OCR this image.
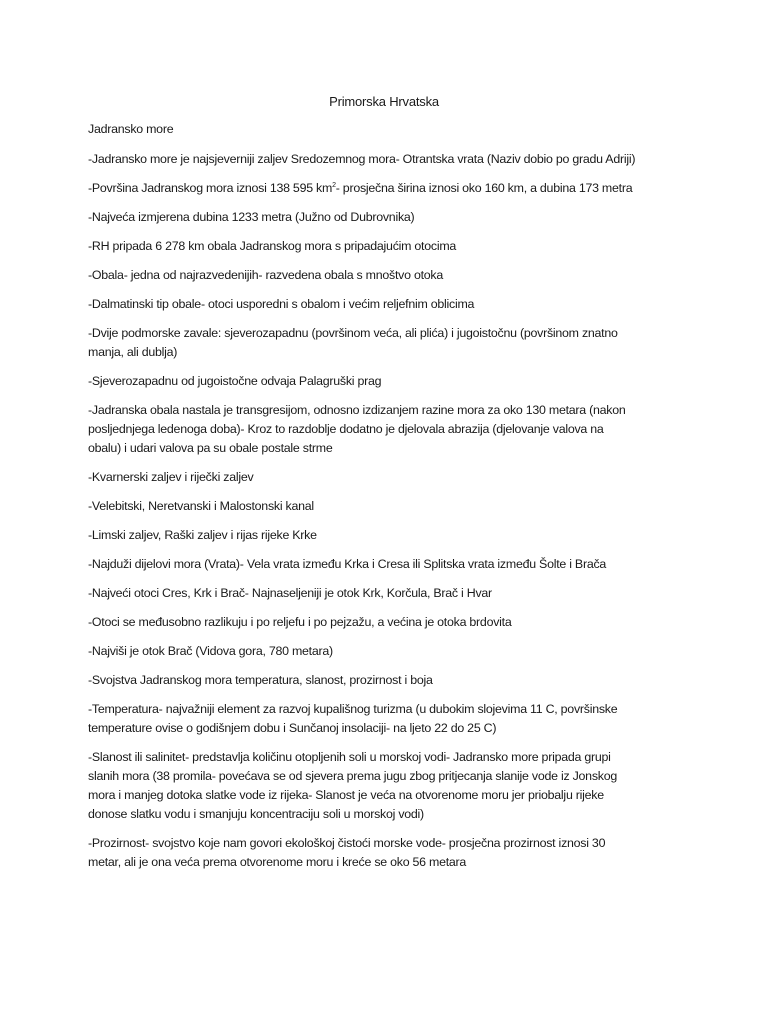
Primorska Hrvatska
Jadransko more
-Jadransko more je najsjeverniji zaljev Sredozemnog mora- Otrantska vrata (Naziv dobio po gradu Adriji)
-Površina Jadranskog mora iznosi 138 595 $km^2-$ prosječna širina iznosi oko 160 km, a dubina 173 metra
-Najveća izmjerena dubina 1233 metra (Južno od Dubrovnika)
-RH pripada 6 278 km obala Jadranskog mora s pripadajućim otocima
-Obala- jedna od najrazvedenijih- razvedena obala s mnoštvo otoka
-Dalmatinski tip obale- otoci usporedni s obalom i većim reljefnim oblicima
-Dvije podmorske zavale: sjeverozapadnu (površinom veća, ali plića) i jugoistočnu (površinom znatno
manja, ali dublja)
-Sjeverozapadnu od jugoistočne odvaja Palagruški prag
-Jadranska obala nastala je transgresijom, odnosno izdizanjem razine mora za oko 130 metara (nakon
posljednjega ledenoga doba)- Kroz to razdoblje dodatno je djelovala abrazija (djelovanje valova na
obalu) i udari valova pa su obale postale strme
-Kvarnerski zaljev i riječki zaljev
-Velebitski, Neretvanski i Malostonski kanal
-Limski zaljev, Raški zaljev i rijas rijeke Krke
-Najduži dijelovi mora (Vrata)- Vela vrata između Krka i Cresa ili Splitska vrata između Šolte i Brača
-Najveći otoci Cres, Krk i Brač- Najnaseljeniji je otok Krk, Korčula, Brač i Hvar
-Otoci se međusobno razlikuju i po reljefu i po pejzažu, a većina je otoka brdovita
-Najviši je otok Brač (Vidova gora, 780 metara)
-Svojstva Jadranskog mora temperatura, slanost, prozirnost i boja
-Temperatura- najvažniji element za razvoj kupališnog turizma (u dubokim slojevima 11 C, površinske
temperature ovise o godišnjem dobu i Sunčanoj insolaciji- na ljeto 22 do 25 C)
-Slanost ili salinitet- predstavlja količinu otopljenih soli u morskoj vodi- Jadransko more pripada grupi
slanih mora (38 promila- povećava se od sjevera prema jugu zbog pritjecanja slanije vode iz Jonskog
mora i manjeg dotoka slatke vode iz rijeka- Slanost je veća na otvorenome moru jer priobalju rijeke
donose slatku vodu i smanjuju koncentraciju soli u morskoj vodi)
-Prozirnost- svojstvo koje nam govori ekološkoj čistoći morske vode- prosječna prozirnost iznosi 30
metar, ali je ona veća prema otvorenome moru i kreće se oko 56 metara
